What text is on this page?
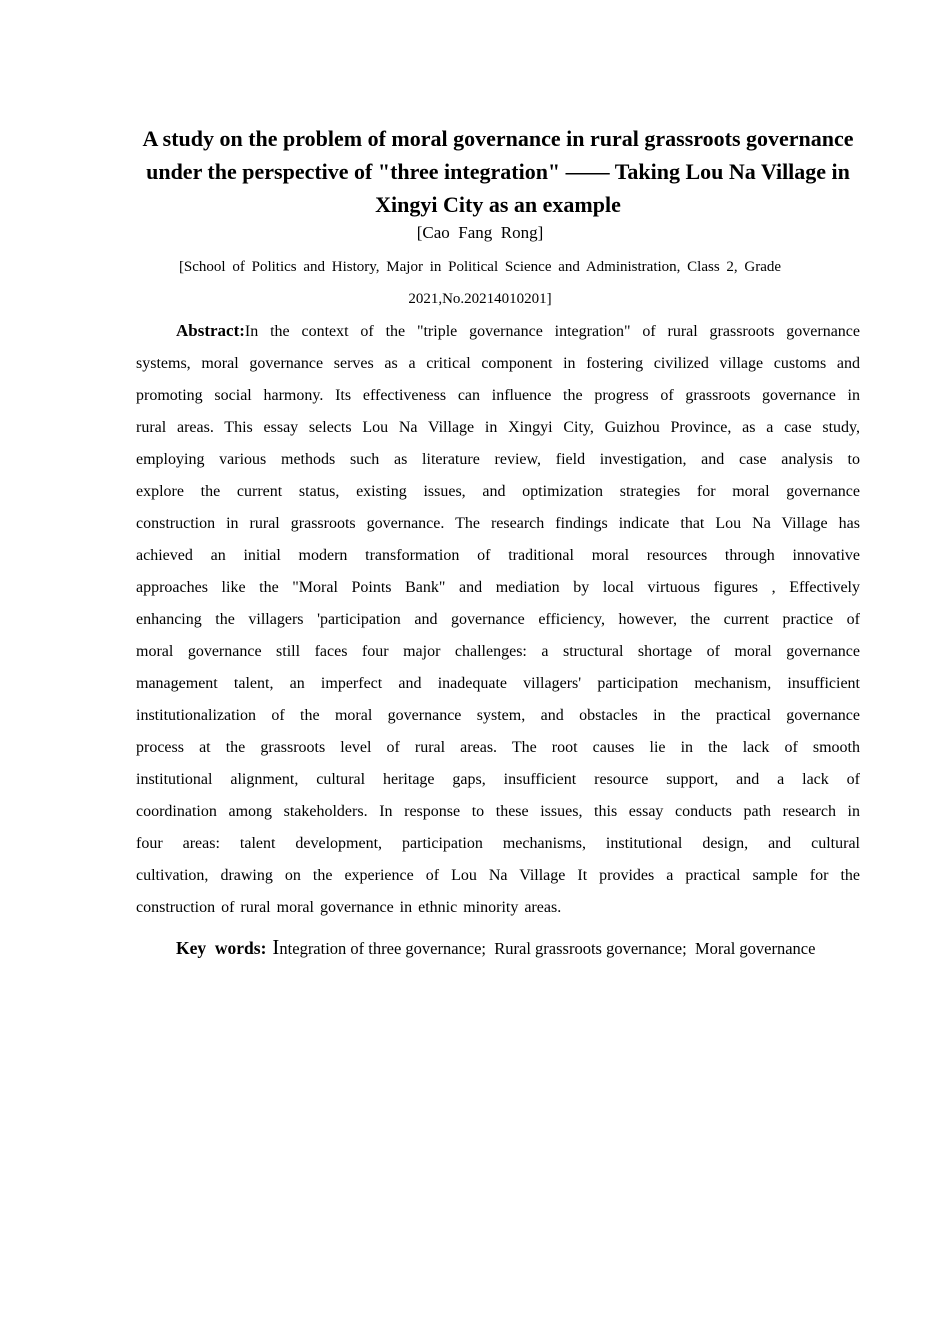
A study on the problem of moral governance in rural grassroots governance
under the perspective of "three integration" —— Taking Lou Na Village in
Xingyi City as an example
[Cao  Fang  Rong]
[School of Politics and History, Major in Political Science and Administration, Class 2, Grade
2021,No.20214010201]
Abstract:In the context of the "triple governance integration" of rural grassroots governance
systems, moral governance serves as a critical component in fostering civilized village customs and
promoting social harmony. Its effectiveness can influence the progress of grassroots governance in
rural areas. This essay selects Lou Na Village in Xingyi City, Guizhou Province, as a case study,
employing various methods such as literature review, field investigation, and case analysis to
explore the current status, existing issues, and optimization strategies for moral governance
construction in rural grassroots governance. The research findings indicate that Lou Na Village has
achieved an initial modern transformation of traditional moral resources through innovative
approaches like the "Moral Points Bank" and mediation by local virtuous figures , Effectively
enhancing the villagers 'participation and governance efficiency, however, the current practice of
moral governance still faces four major challenges: a structural shortage of moral governance
management talent, an imperfect and inadequate villagers' participation mechanism, insufficient
institutionalization of the moral governance system, and obstacles in the practical governance
process at the grassroots level of rural areas. The root causes lie in the lack of smooth
institutional alignment, cultural heritage gaps, insufficient resource support, and a lack of
coordination among stakeholders. In response to these issues, this essay conducts path research in
four areas: talent development, participation mechanisms, institutional design, and cultural
cultivation, drawing on the experience of Lou Na Village It provides a practical sample for the
construction of rural moral governance in ethnic minority areas.
Key  words: Integration of three governance;  Rural grassroots governance;  Moral governance
